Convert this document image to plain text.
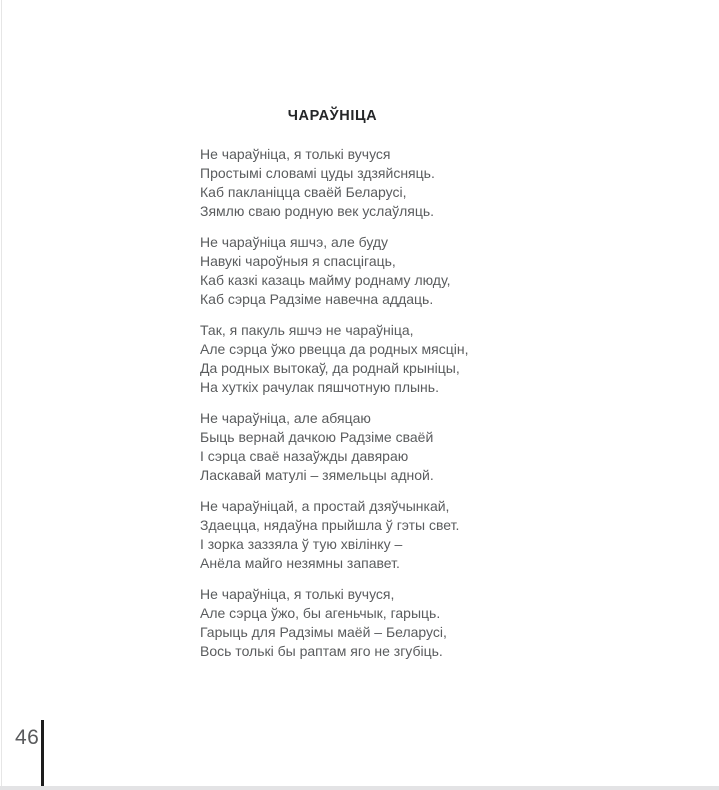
ЧАРАЎНІЦА
Не чараўніца, я толькі вучуся
Простымі словамі цуды здзяйсняць.
Каб пакланіцца сваёй Беларусі,
Зямлю сваю родную век услаўляць.
Не чараўніца яшчэ, але буду
Навукі чароўныя я спасцігаць,
Каб казкі казаць майму роднаму люду,
Каб сэрца Радзіме навечна аддаць.
Так, я пакуль яшчэ не чараўніца,
Але сэрца ўжо рвецца да родных мясцін,
Да родных вытокаў, да роднай крыніцы,
На хуткіх рачулак пяшчотную плынь.
Не чараўніца, але абяцаю
Быць вернай дачкою Радзіме сваёй
І сэрца сваё назаўжды давяраю
Ласкавай матулі – зямельцы адной.
Не чараўніцай, а простай дзяўчынкай,
Здаецца, нядаўна прыйшла ў гэты свет.
І зорка заззяла ў тую хвілінку –
Анёла майго незямны запавет.
Не чараўніца, я толькі вучуся,
Але сэрца ўжо, бы агеньчык, гарыць.
Гарыць для Радзімы маёй – Беларусі,
Вось толькі бы раптам яго не згубіць.
46
